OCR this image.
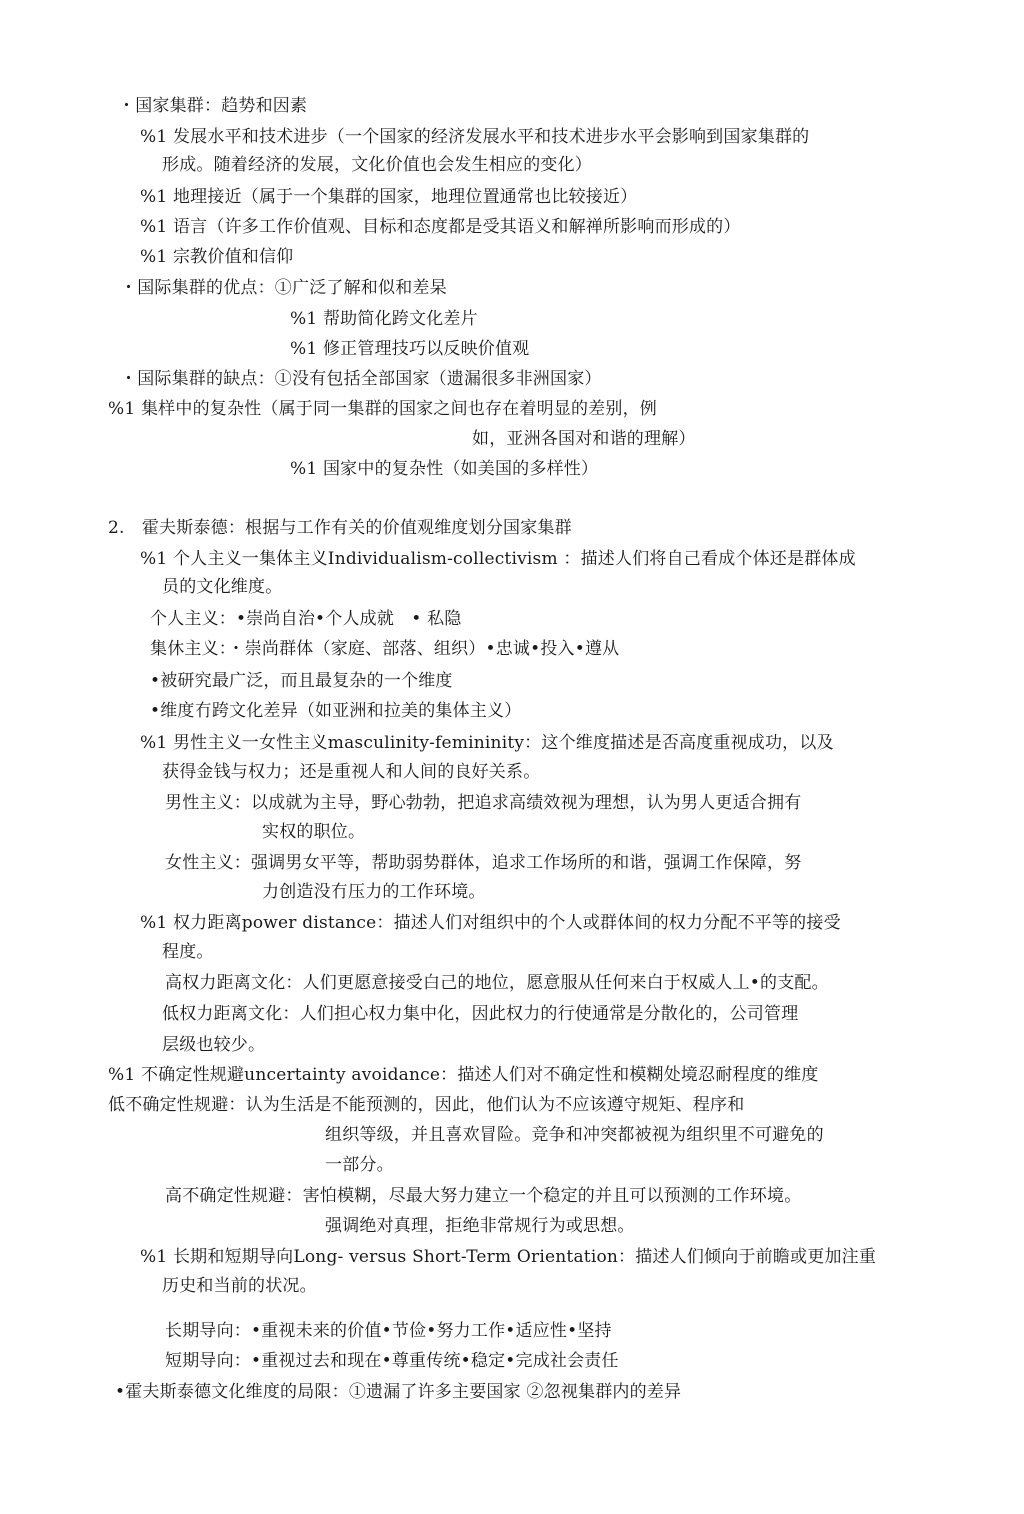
・国家集群：趋势和因素
%1 发展水平和技术进步（一个国家的经济发展水平和技术进步水平会影响到国家集群的
形成。随着经济的发展，文化价值也会发生相应的变化）
%1 地理接近（属于一个集群的国家，地理位置通常也比较接近）
%1 语言（许多工作价值观、目标和态度都是受其语义和解禅所影响而形成的）
%1 宗教价值和信仰
・国际集群的优点：①广泛了解和似和差杲
%1 帮助简化跨文化差片
%1 修正管理技巧以反映价值观
・国际集群的缺点：①没有包括全部国家（遗漏很多非洲国家）
%1 集样中的复杂性（属于同一集群的国家之间也存在着明显的差别，例
如，亚洲各国对和谐的理解）
%1 国家中的复杂性（如美国的多样性）
2.　霍夫斯泰德：根据与工作有关的价值观维度划分国家集群
%1 个人主义一集体主义Individualism-collectivism ：描述人们将自己看成个体还是群体成
员的文化维度。
个人主义：•崇尚自治•个人成就　• 私隐
集休主义：・崇尚群体（家庭、部落、组织）•忠诚•投入•遵从
•被研究最广泛，而且最复杂的一个维度
•维度冇跨文化差异（如亚洲和拉美的集体主义）
%1 男性主义一女性主义masculinity-femininity：这个维度描述是否高度重视成功，以及
获得金钱与权力；还是重视人和人间的良好关系。
男性主义：以成就为主导，野心勃勃，把追求高绩效视为理想，认为男人更适合拥有
实权的职位。
女性主义：强调男女平等，帮助弱势群体，追求工作场所的和谐，强调工作保障，努
力创造没冇压力的工作环境。
%1 权力距离power distance：描述人们对组织中的个人或群体间的权力分配不平等的接受
程度。
高权力距离文化：人们更愿意接受白己的地位，愿意服从任何来白于权威人丄•的支配。
低权力距离文化：人们担心权力集中化，因此权力的行使通常是分散化的，公司管理
层级也较少。
%1 不确定性规避uncertainty avoidance：描述人们对不确定性和模糊处境忍耐程度的维度
低不确定性规避：认为生活是不能预测的，因此，他们认为不应该遵守规矩、程序和
组织等级，并且喜欢冒险。竞争和冲突都被视为组织里不可避免的
一部分。
高不确定性规避：害怕模糊，尽最大努力建立一个稳定的并且可以预测的工作环境。
强调绝对真理，拒绝非常规行为或思想。
%1 长期和短期导向Long- versus Short-Term Orientation：描述人们倾向于前瞻或更加注重
历史和当前的状况。
长期导向：•重视未来的价值•节俭•努力工作•适应性•坚持
短期导向：•重视过去和现在•尊重传统•稳定•完成社会责任
•霍夫斯泰德文化维度的局限：①遗漏了许多主要国家 ②忽视集群内的差异
